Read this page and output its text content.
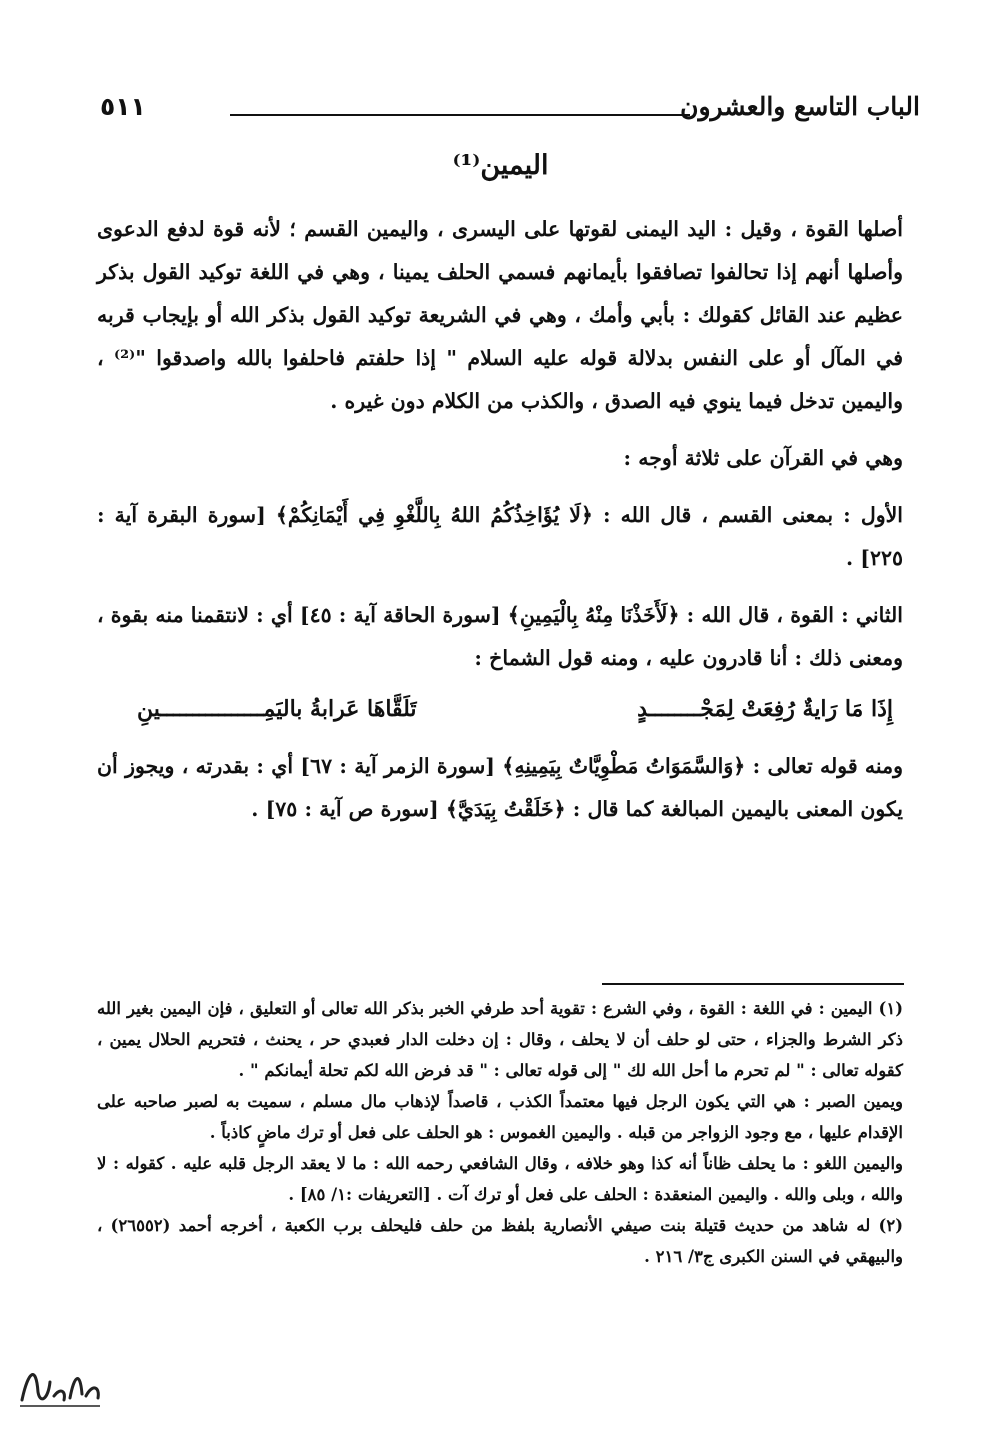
٥١١	الباب التاسع والعشرون
اليمين⁽¹⁾

أصلها القوة ، وقيل : اليد اليمنى لقوتها على اليسرى ، واليمين القسم ؛ لأنه قوة لدفع الدعوى وأصلها أنهم إذا تحالفوا تصافقوا بأيمانهم فسمي الحلف يمينا ، وهي في اللغة توكيد القول بذكر عظيم عند القائل كقولك : بأبي وأمك ، وهي في الشريعة توكيد القول بذكر الله أو بإيجاب قربه في المآل أو على النفس بدلالة قوله عليه السلام " إذا حلفتم فاحلفوا بالله واصدقوا "⁽²⁾ ، واليمين تدخل فيما ينوي فيه الصدق ، والكذب من الكلام دون غيره .

وهي في القرآن على ثلاثة أوجه :

الأول : بمعنى القسم ، قال الله : ﴿لَا يُؤَاخِذُكُمُ اللهُ بِاللَّغْوِ فِي أَيْمَانِكُمْ﴾ [سورة البقرة آية : ٢٢٥] .

الثاني : القوة ، قال الله : ﴿لَأَخَذْنَا مِنْهُ بِالْيَمِينِ﴾ [سورة الحاقة آية : ٤٥] أي : لانتقمنا منه بقوة ، ومعنى ذلك : أنا قادرون عليه ، ومنه قول الشماخ :

إِذَا مَا رَايةٌ رُفِعَتْ لِمَجْــــــــدٍ
تَلَقَّاهَا عَرابةُ باليَمِــــــــــــــــينِ

ومنه قوله تعالى : ﴿وَالسَّمَوَاتُ مَطْوِيَّاتٌ بِيَمِينِهِ﴾ [سورة الزمر آية : ٦٧] أي : بقدرته ، ويجوز أن يكون المعنى باليمين المبالغة كما قال : ﴿خَلَقْتُ بِيَدَيَّ﴾ [سورة ص آية : ٧٥] .

(١) اليمين : في اللغة : القوة ، وفي الشرع : تقوية أحد طرفي الخبر بذكر الله تعالى أو التعليق ، فإن اليمين بغير الله ذكر الشرط والجزاء ، حتى لو حلف أن لا يحلف ، وقال : إن دخلت الدار فعبدي حر ، يحنث ، فتحريم الحلال يمين ، كقوله تعالى : " لم تحرم ما أحل الله لك " إلى قوله تعالى : " قد فرض الله لكم تحلة أيمانكم " .

ويمين الصبر : هي التي يكون الرجل فيها معتمداً الكذب ، قاصداً لإذهاب مال مسلم ، سميت به لصبر صاحبه على الإقدام عليها ، مع وجود الزواجر من قبله . واليمين الغموس : هو الحلف على فعل أو ترك ماضٍ كاذباً .

واليمين اللغو : ما يحلف ظاناً أنه كذا وهو خلافه ، وقال الشافعي رحمه الله : ما لا يعقد الرجل قلبه عليه . كقوله : لا والله ، وبلى والله . واليمين المنعقدة : الحلف على فعل أو ترك آت . [التعريفات :١/ ٨٥] .

(٢) له شاهد من حديث قتيلة بنت صيفي الأنصارية بلفظ من حلف فليحلف برب الكعبة ، أخرجه أحمد (٢٦٥٥٢) ، والبيهقي في السنن الكبرى ج٣/ ٢١٦ .
